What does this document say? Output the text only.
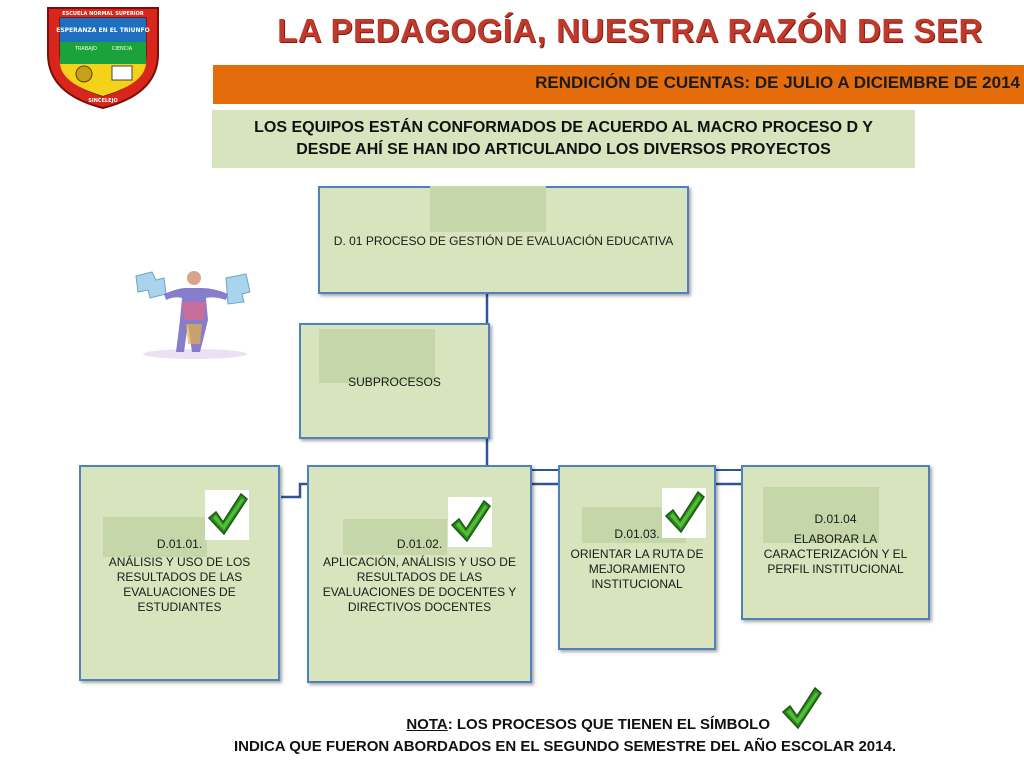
ESPERANZA EN EL TRIUNFO
TRABAJO	CIENCIA
ESCUELA NORMAL SUPERIOR
SINCELEJO
LA PEDAGOGÍA, NUESTRA RAZÓN DE SER
RENDICIÓN DE CUENTAS: DE JULIO A DICIEMBRE DE 2014
LOS EQUIPOS ESTÁN CONFORMADOS DE ACUERDO AL MACRO PROCESO D Y DESDE AHÍ SE HAN IDO ARTICULANDO LOS DIVERSOS PROYECTOS
D. 01 PROCESO DE GESTIÓN DE EVALUACIÓN EDUCATIVA
SUBPROCESOS
D.01.01.
ANÁLISIS Y USO DE LOS RESULTADOS DE LAS EVALUACIONES DE ESTUDIANTES
D.01.02.
APLICACIÓN, ANÁLISIS Y USO DE RESULTADOS DE LAS EVALUACIONES DE DOCENTES Y DIRECTIVOS DOCENTES
D.01.03.
ORIENTAR LA RUTA DE MEJORAMIENTO INSTITUCIONAL
D.01.04
ELABORAR LA CARACTERIZACIÓN Y EL PERFIL INSTITUCIONAL
NOTA: LOS PROCESOS QUE TIENEN EL SÍMBOLO
INDICA QUE FUERON ABORDADOS EN EL SEGUNDO SEMESTRE DEL AÑO ESCOLAR 2014.
